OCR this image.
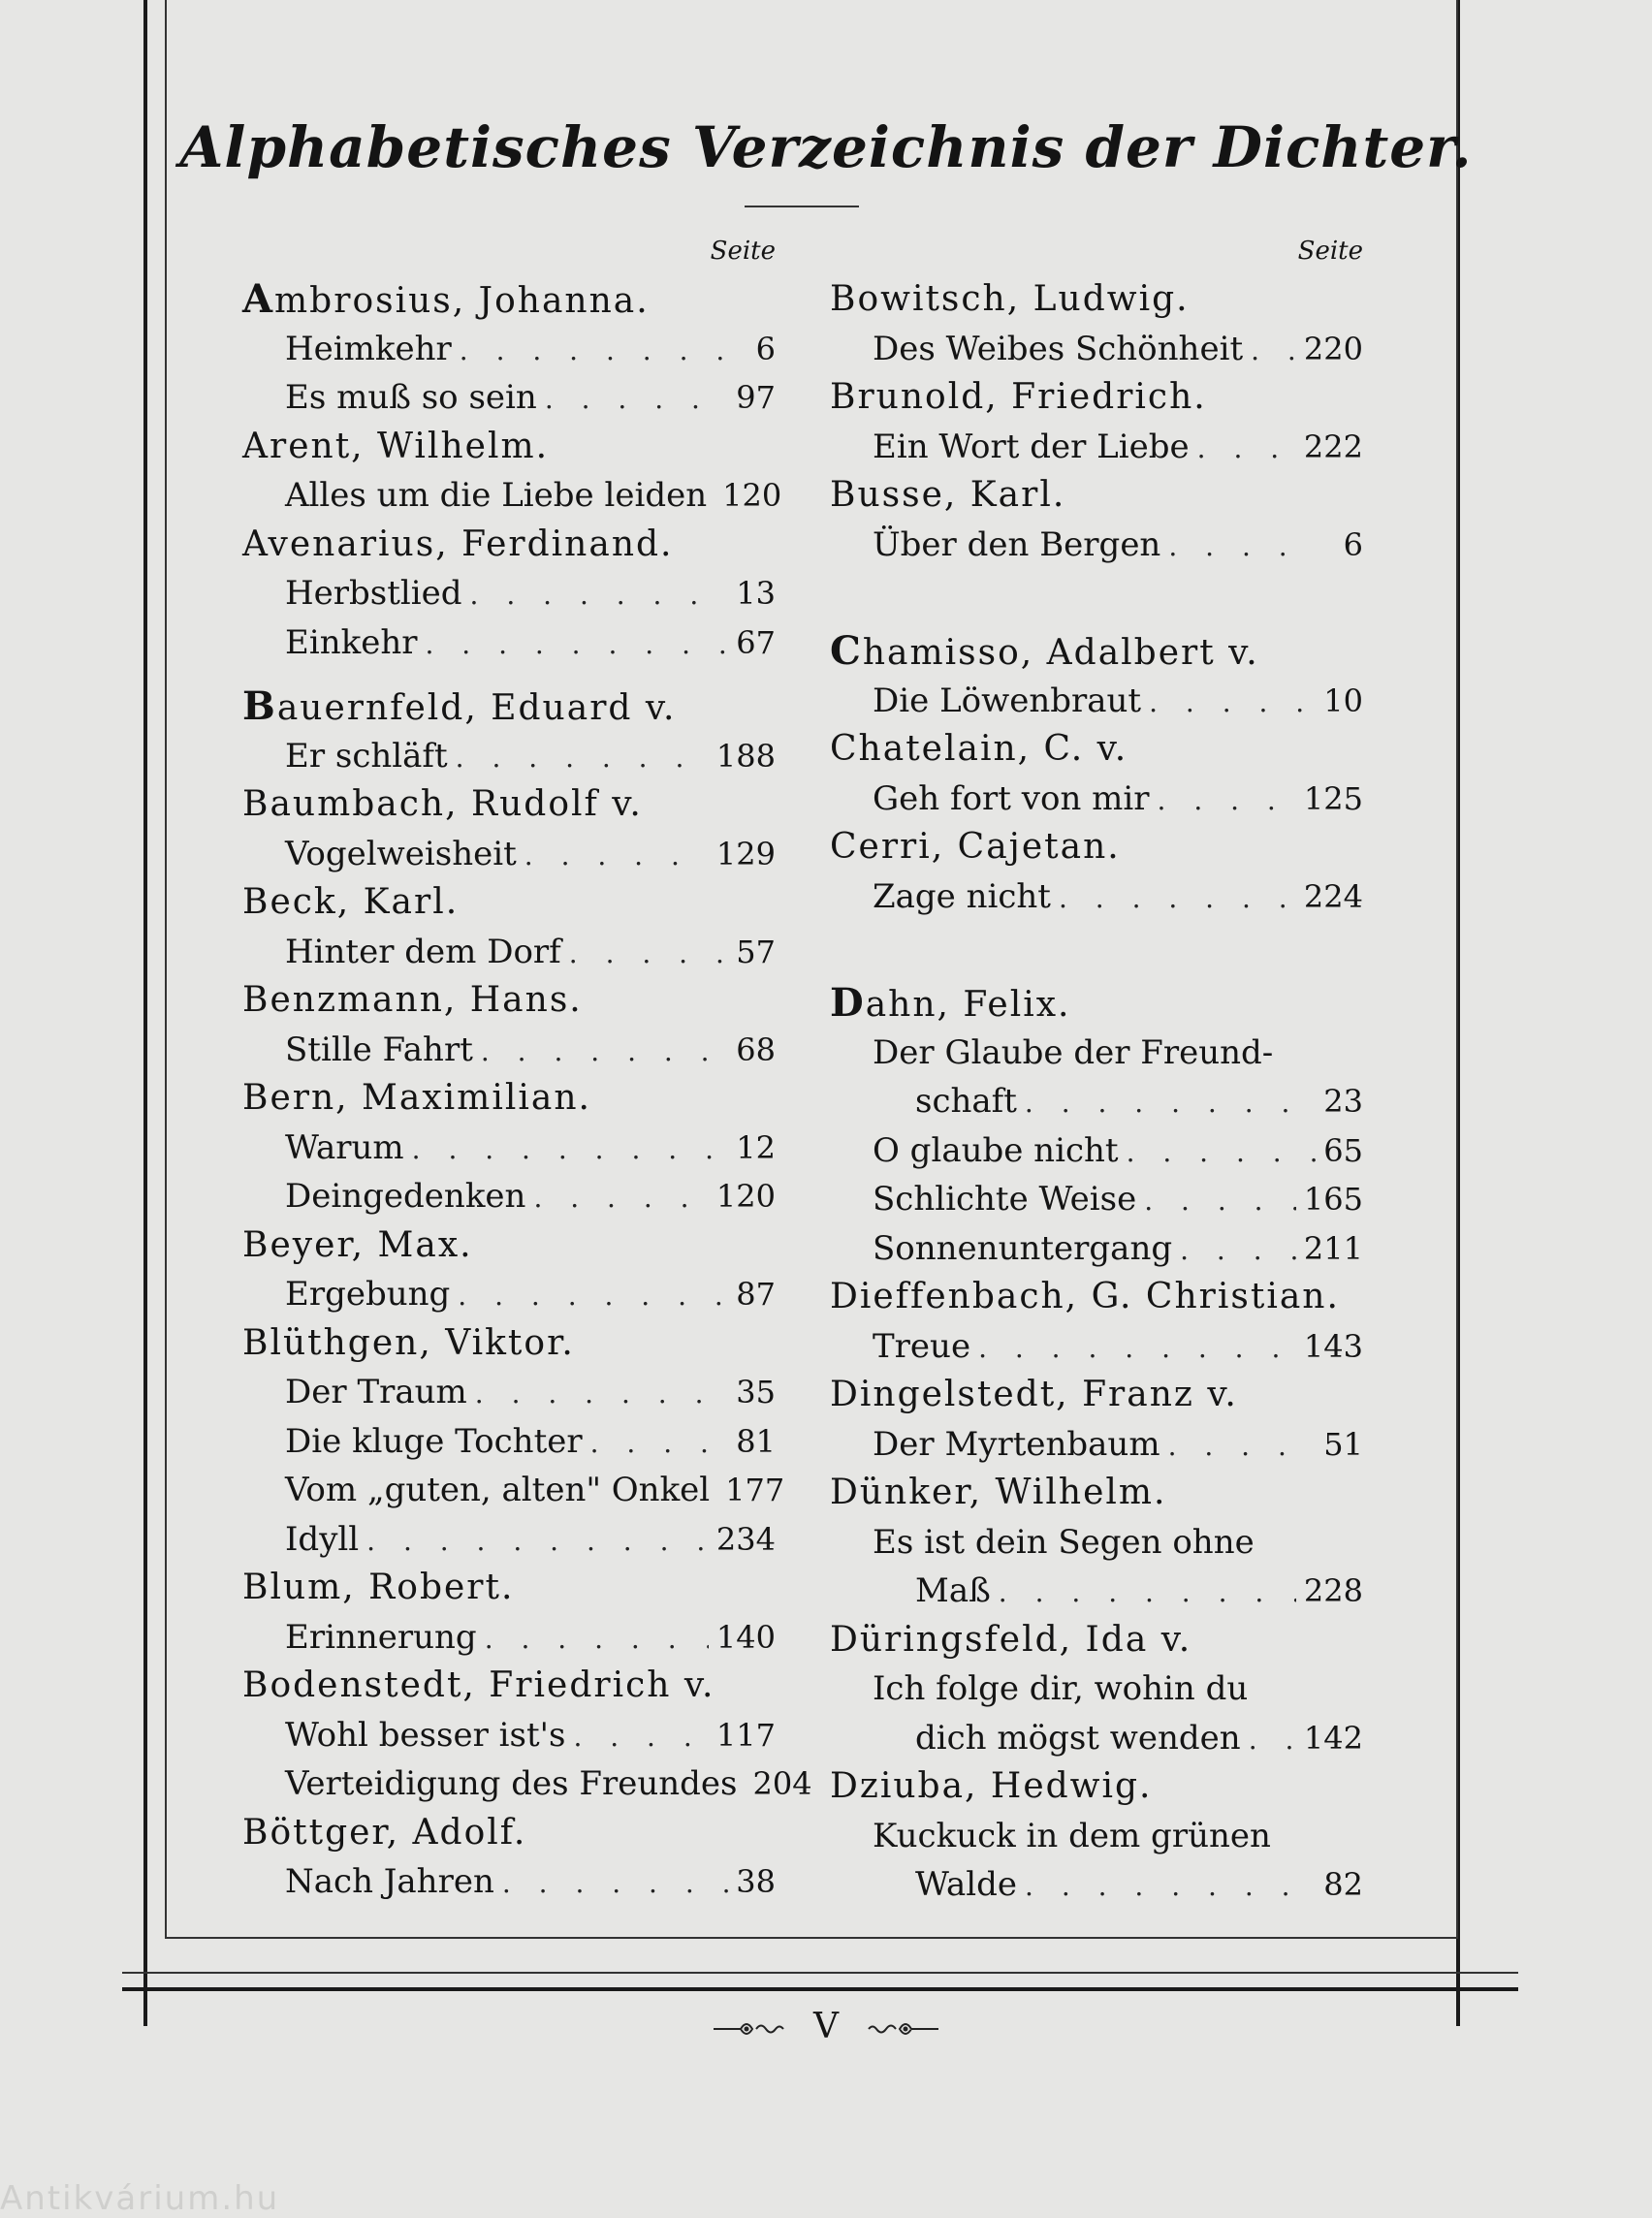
Alphabetisches Verzeichnis der Dichter.
Seite
Ambrosius, Johanna.
Heimkehr . . .	6
Es muß so sein . . .	97
Arent, Wilhelm.
Alles um die Liebe leiden 120
Avenarius, Ferdinand.
Herbstlied . . .	13
Einkehr . . .	67
Bauernfeld, Eduard v.
Er schläft . . .	188
Baumbach, Rudolf v.
Vogelweisheit . . .	129
Beck, Karl.
Hinter dem Dorf . . .	57
Benzmann, Hans.
Stille Fahrt . . .	68
Bern, Maximilian.
Warum . . .	12
Deingedenken . . .	120
Beyer, Max.
Ergebung . . .	87
Blüthgen, Viktor.
Der Traum . . .	35
Die kluge Tochter . . .	81
Vom „guten, alten" Onkel 177
Idyll . . .	234
Blum, Robert.
Erinnerung . . .	140
Bodenstedt, Friedrich v.
Wohl besser ist's . . .	117
Verteidigung des Freundes 204
Böttger, Adolf.
Nach Jahren . . .	38
Seite
Bowitsch, Ludwig.
Des Weibes Schönheit . . . 220
Brunold, Friedrich.
Ein Wort der Liebe . . .	222
Busse, Karl.
Über den Bergen . . .	6
Chamisso, Adalbert v.
Die Löwenbraut . . .	10
Chatelain, C. v.
Geh fort von mir . . .	125
Cerri, Cajetan.
Zage nicht . . .	224
Dahn, Felix.
Der Glaube der Freund-
schaft . . .	23
O glaube nicht . . .	65
Schlichte Weise . . .	165
Sonnenuntergang . . .	211
Dieffenbach, G. Christian.
Treue . . .	143
Dingelstedt, Franz v.
Der Myrtenbaum . . .	51
Dünker, Wilhelm.
Es ist dein Segen ohne
Maß . . .	228
Düringsfeld, Ida v.
Ich folge dir, wohin du
dich mögst wenden . . . 142
Dziuba, Hedwig.
Kuckuck in dem grünen
Walde . . .	82
V
Antikvárium.hu
